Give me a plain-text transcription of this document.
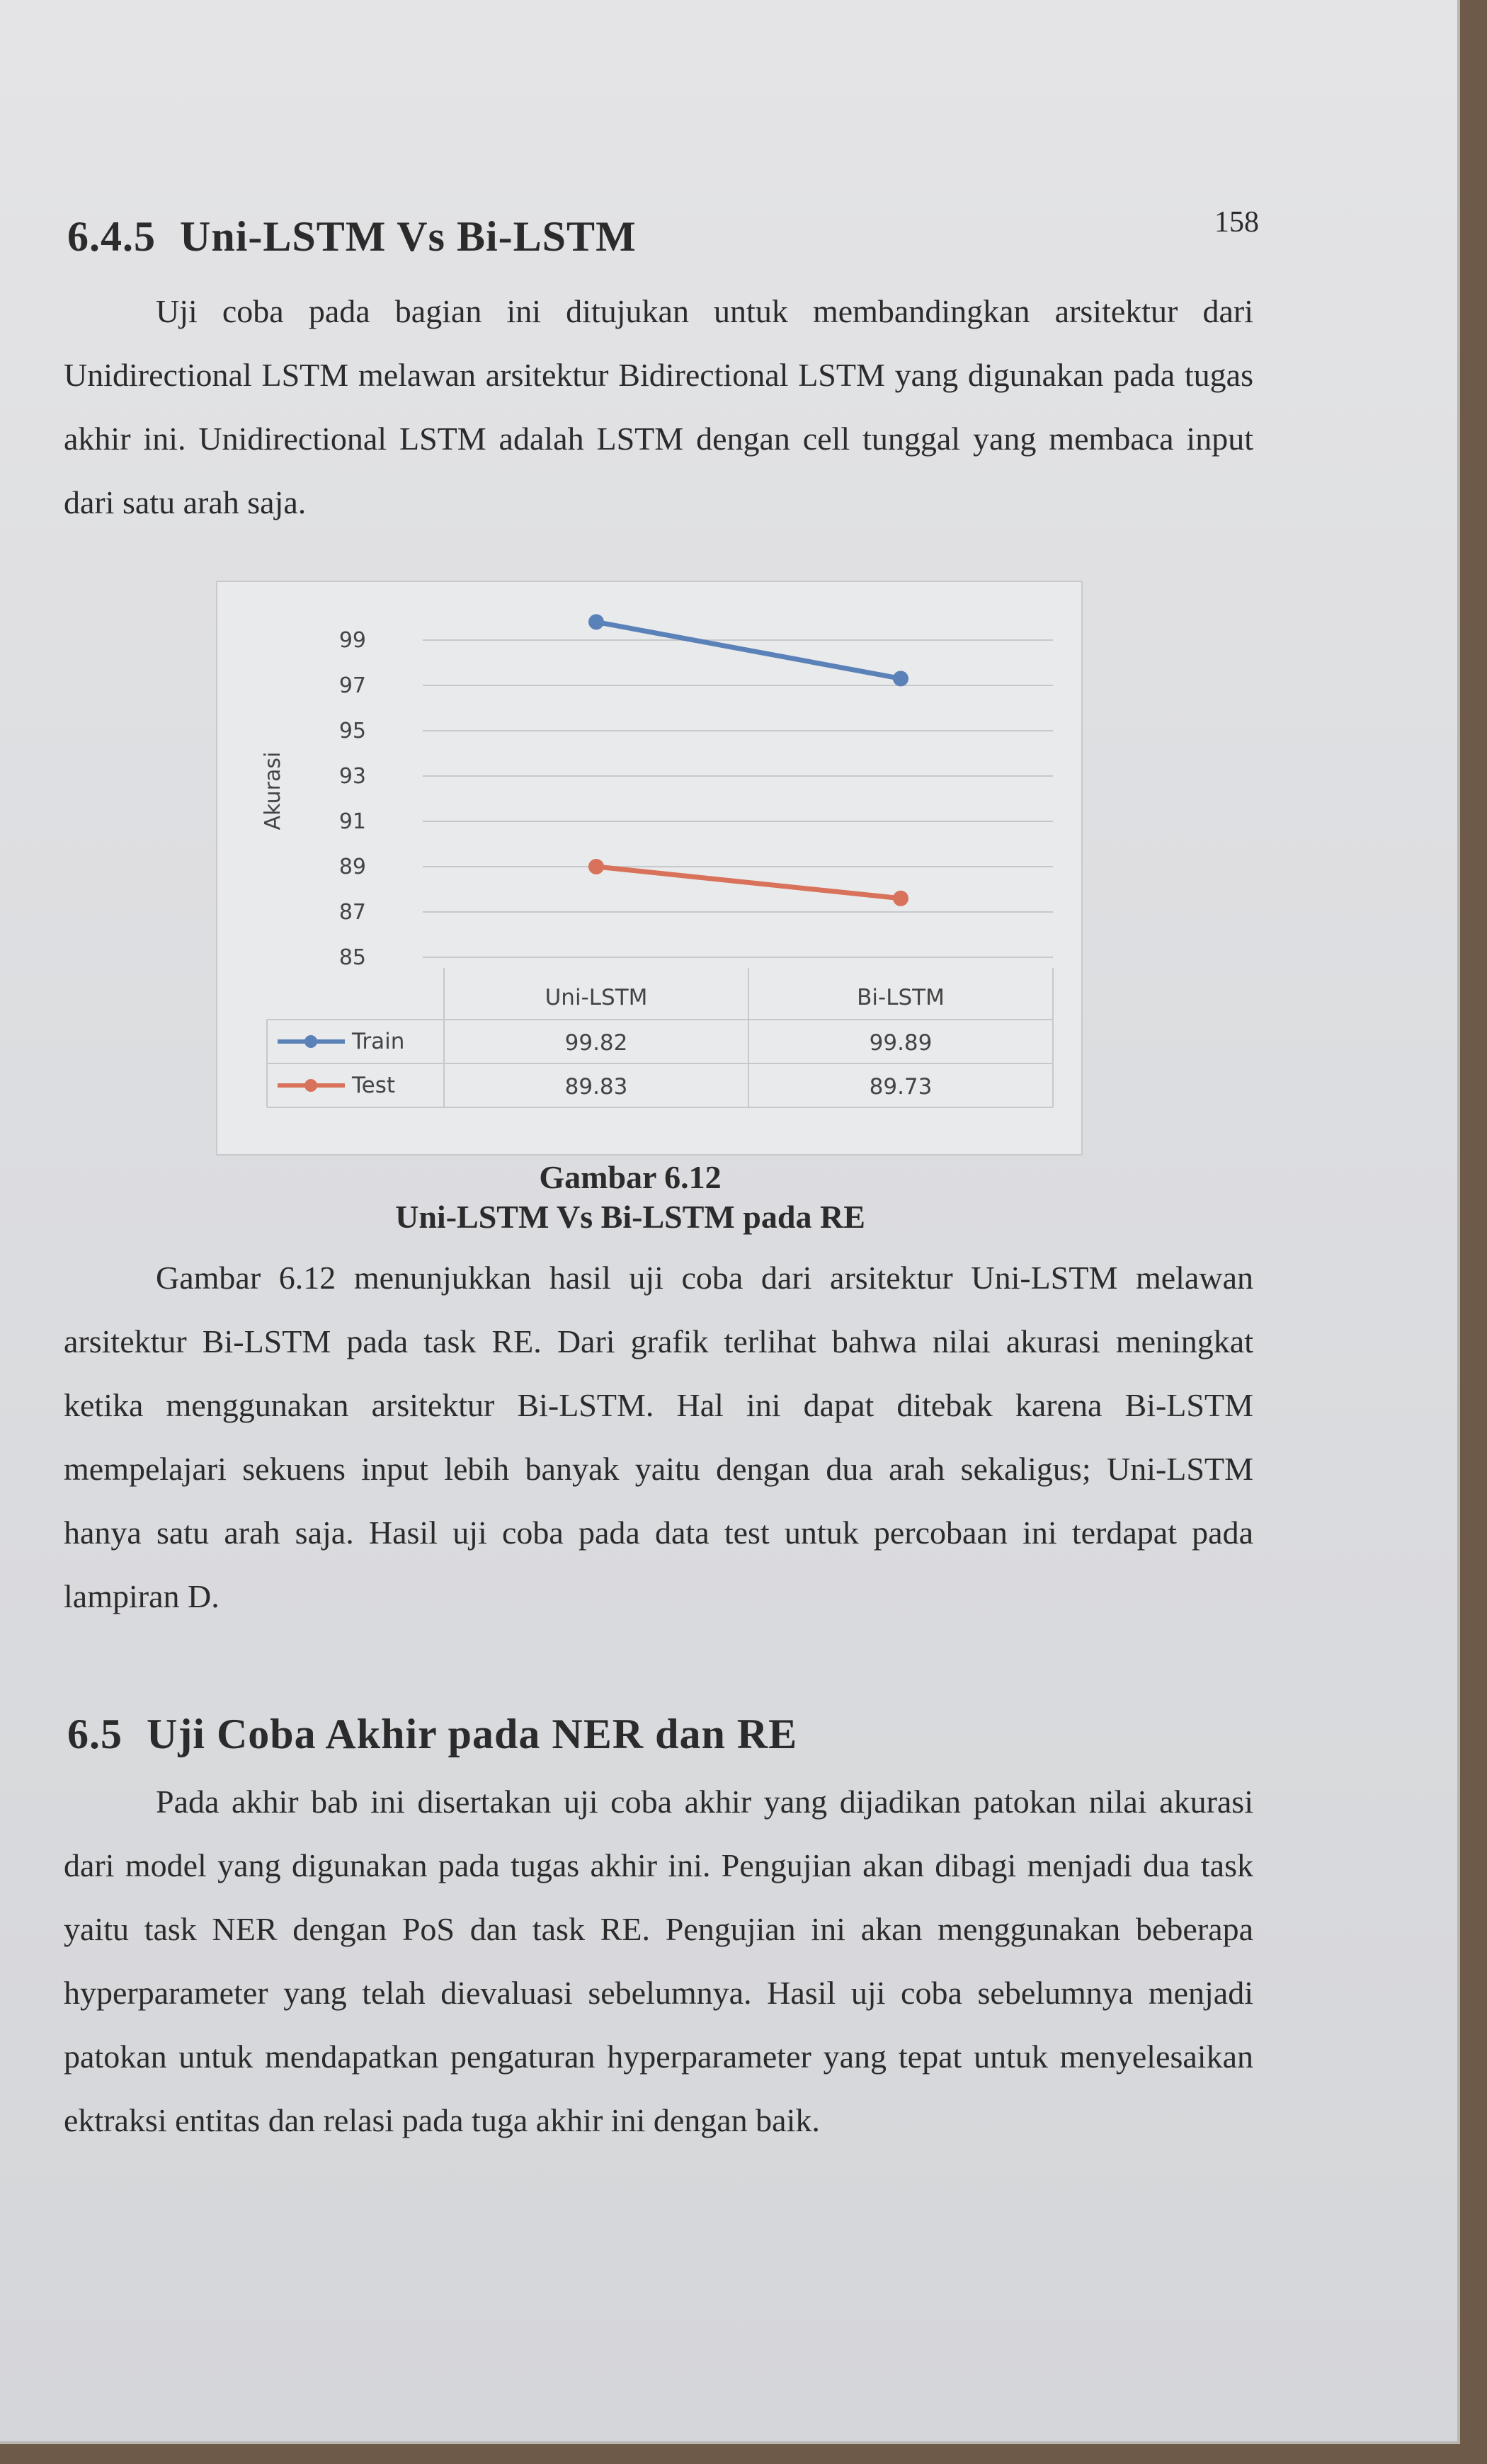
158
6.4.5 Uni-LSTM Vs Bi-LSTM

Uji coba pada bagian ini ditujukan untuk membandingkan arsitektur dari Unidirectional LSTM melawan arsitektur Bidirectional LSTM yang digunakan pada tugas akhir ini. Unidirectional LSTM adalah LSTM dengan cell tunggal yang membaca input dari satu arah saja.

Akurasi
99
97
95
93
91
89
87
85
Uni-LSTM	Bi-LSTM
Train	99.82	99.89
Test	89.83	89.73
Gambar 6.12
Uni-LSTM Vs Bi-LSTM pada RE

Gambar 6.12 menunjukkan hasil uji coba dari arsitektur Uni-LSTM melawan arsitektur Bi-LSTM pada task RE. Dari grafik terlihat bahwa nilai akurasi meningkat ketika menggunakan arsitektur Bi-LSTM. Hal ini dapat ditebak karena Bi-LSTM mempelajari sekuens input lebih banyak yaitu dengan dua arah sekaligus; Uni-LSTM hanya satu arah saja. Hasil uji coba pada data test untuk percobaan ini terdapat pada lampiran D.

6.5 Uji Coba Akhir pada NER dan RE

Pada akhir bab ini disertakan uji coba akhir yang dijadikan patokan nilai akurasi dari model yang digunakan pada tugas akhir ini. Pengujian akan dibagi menjadi dua task yaitu task NER dengan PoS dan task RE. Pengujian ini akan menggunakan beberapa hyperparameter yang telah dievaluasi sebelumnya. Hasil uji coba sebelumnya menjadi patokan untuk mendapatkan pengaturan hyperparameter yang tepat untuk menyelesaikan ektraksi entitas dan relasi pada tuga akhir ini dengan baik.
